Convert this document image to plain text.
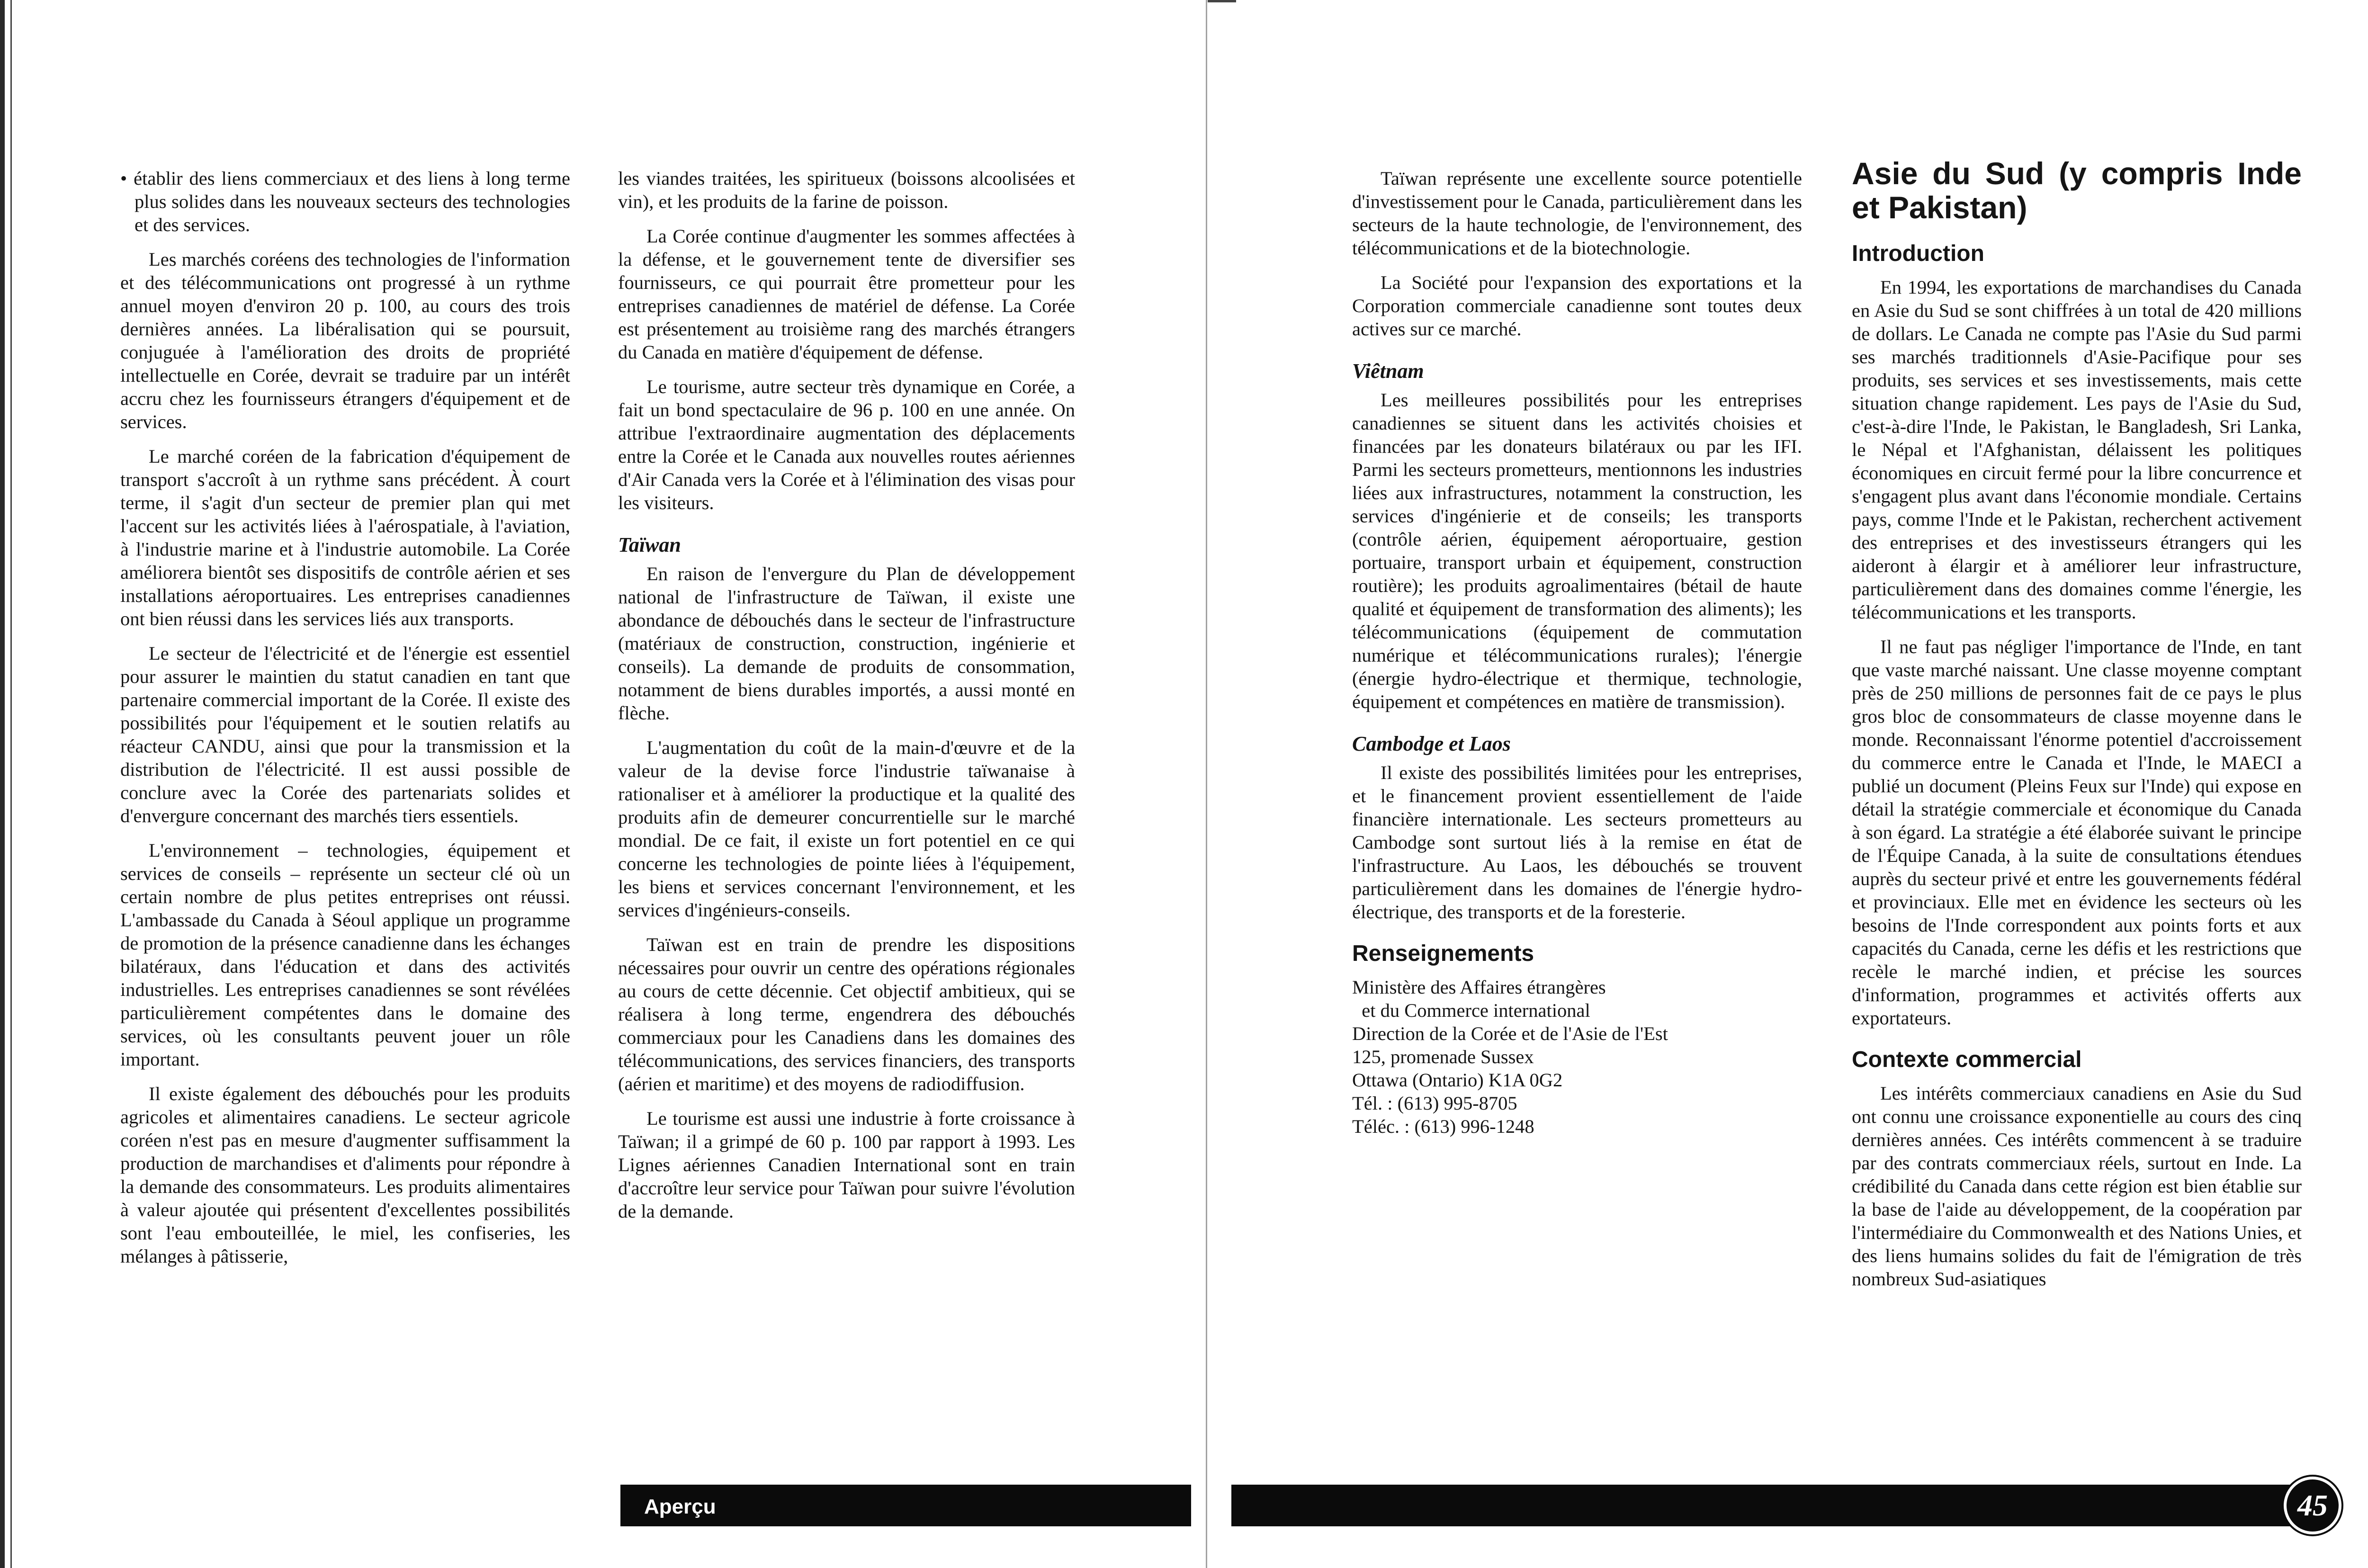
• établir des liens commerciaux et des liens à long terme plus solides dans les nouveaux secteurs des technologies et des services.

Les marchés coréens des technologies de l'information et des télécommunications ont progressé à un rythme annuel moyen d'environ 20 p. 100, au cours des trois dernières années. La libéralisation qui se poursuit, conjuguée à l'amélioration des droits de propriété intellectuelle en Corée, devrait se traduire par un intérêt accru chez les fournisseurs étrangers d'équipement et de services.

Le marché coréen de la fabrication d'équipement de transport s'accroît à un rythme sans précédent. À court terme, il s'agit d'un secteur de premier plan qui met l'accent sur les activités liées à l'aérospatiale, à l'aviation, à l'industrie marine et à l'industrie automobile. La Corée améliorera bientôt ses dispositifs de contrôle aérien et ses installations aéroportuaires. Les entreprises canadiennes ont bien réussi dans les services liés aux transports.

Le secteur de l'électricité et de l'énergie est essentiel pour assurer le maintien du statut canadien en tant que partenaire commercial important de la Corée. Il existe des possibilités pour l'équipement et le soutien relatifs au réacteur CANDU, ainsi que pour la transmission et la distribution de l'électricité. Il est aussi possible de conclure avec la Corée des partenariats solides et d'envergure concernant des marchés tiers essentiels.

L'environnement – technologies, équipement et services de conseils – représente un secteur clé où un certain nombre de plus petites entreprises ont réussi. L'ambassade du Canada à Séoul applique un programme de promotion de la présence canadienne dans les échanges bilatéraux, dans l'éducation et dans des activités industrielles. Les entreprises canadiennes se sont révélées particulièrement compétentes dans le domaine des services, où les consultants peuvent jouer un rôle important.

Il existe également des débouchés pour les produits agricoles et alimentaires canadiens. Le secteur agricole coréen n'est pas en mesure d'augmenter suffisamment la production de marchandises et d'aliments pour répondre à la demande des consommateurs. Les produits alimentaires à valeur ajoutée qui présentent d'excellentes possibilités sont l'eau embouteillée, le miel, les confiseries, les mélanges à pâtisserie,

les viandes traitées, les spiritueux (boissons alcoolisées et vin), et les produits de la farine de poisson.

La Corée continue d'augmenter les sommes affectées à la défense, et le gouvernement tente de diversifier ses fournisseurs, ce qui pourrait être prometteur pour les entreprises canadiennes de matériel de défense. La Corée est présentement au troisième rang des marchés étrangers du Canada en matière d'équipement de défense.

Le tourisme, autre secteur très dynamique en Corée, a fait un bond spectaculaire de 96 p. 100 en une année. On attribue l'extraordinaire augmentation des déplacements entre la Corée et le Canada aux nouvelles routes aériennes d'Air Canada vers la Corée et à l'élimination des visas pour les visiteurs.

Taïwan

En raison de l'envergure du Plan de développement national de l'infrastructure de Taïwan, il existe une abondance de débouchés dans le secteur de l'infrastructure (matériaux de construction, construction, ingénierie et conseils). La demande de produits de consommation, notamment de biens durables importés, a aussi monté en flèche.

L'augmentation du coût de la main-d'œuvre et de la valeur de la devise force l'industrie taïwanaise à rationaliser et à améliorer la productique et la qualité des produits afin de demeurer concurrentielle sur le marché mondial. De ce fait, il existe un fort potentiel en ce qui concerne les technologies de pointe liées à l'équipement, les biens et services concernant l'environnement, et les services d'ingénieurs-conseils.

Taïwan est en train de prendre les dispositions nécessaires pour ouvrir un centre des opérations régionales au cours de cette décennie. Cet objectif ambitieux, qui se réalisera à long terme, engendrera des débouchés commerciaux pour les Canadiens dans les domaines des télécommunications, des services financiers, des transports (aérien et maritime) et des moyens de radiodiffusion.

Le tourisme est aussi une industrie à forte croissance à Taïwan; il a grimpé de 60 p. 100 par rapport à 1993. Les Lignes aériennes Canadien International sont en train d'accroître leur service pour Taïwan pour suivre l'évolution de la demande.

Aperçu

Taïwan représente une excellente source potentielle d'investissement pour le Canada, particulièrement dans les secteurs de la haute technologie, de l'environnement, des télécommunications et de la biotechnologie.

La Société pour l'expansion des exportations et la Corporation commerciale canadienne sont toutes deux actives sur ce marché.

Viêtnam

Les meilleures possibilités pour les entreprises canadiennes se situent dans les activités choisies et financées par les donateurs bilatéraux ou par les IFI. Parmi les secteurs prometteurs, mentionnons les industries liées aux infrastructures, notamment la construction, les services d'ingénierie et de conseils; les transports (contrôle aérien, équipement aéroportuaire, gestion portuaire, transport urbain et équipement, construction routière); les produits agroalimentaires (bétail de haute qualité et équipement de transformation des aliments); les télécommunications (équipement de commutation numérique et télécommunications rurales); l'énergie (énergie hydro-électrique et thermique, technologie, équipement et compétences en matière de transmission).

Cambodge et Laos

Il existe des possibilités limitées pour les entreprises, et le financement provient essentiellement de l'aide financière internationale. Les secteurs prometteurs au Cambodge sont surtout liés à la remise en état de l'infrastructure. Au Laos, les débouchés se trouvent particulièrement dans les domaines de l'énergie hydro-électrique, des transports et de la foresterie.

Renseignements
Ministère des Affaires étrangères
et du Commerce international
Direction de la Corée et de l'Asie de l'Est
125, promenade Sussex
Ottawa (Ontario) K1A 0G2
Tél. : (613) 995-8705
Téléc. : (613) 996-1248
Asie du Sud (y compris Inde et Pakistan)
Introduction

En 1994, les exportations de marchandises du Canada en Asie du Sud se sont chiffrées à un total de 420 millions de dollars. Le Canada ne compte pas l'Asie du Sud parmi ses marchés traditionnels d'Asie-Pacifique pour ses produits, ses services et ses investissements, mais cette situation change rapidement. Les pays de l'Asie du Sud, c'est-à-dire l'Inde, le Pakistan, le Bangladesh, Sri Lanka, le Népal et l'Afghanistan, délaissent les politiques économiques en circuit fermé pour la libre concurrence et s'engagent plus avant dans l'économie mondiale. Certains pays, comme l'Inde et le Pakistan, recherchent activement des entreprises et des investisseurs étrangers qui les aideront à élargir et à améliorer leur infrastructure, particulièrement dans des domaines comme l'énergie, les télécommunications et les transports.

Il ne faut pas négliger l'importance de l'Inde, en tant que vaste marché naissant. Une classe moyenne comptant près de 250 millions de personnes fait de ce pays le plus gros bloc de consommateurs de classe moyenne dans le monde. Reconnaissant l'énorme potentiel d'accroissement du commerce entre le Canada et l'Inde, le MAECI a publié un document (Pleins Feux sur l'Inde) qui expose en détail la stratégie commerciale et économique du Canada à son égard. La stratégie a été élaborée suivant le principe de l'Équipe Canada, à la suite de consultations étendues auprès du secteur privé et entre les gouvernements fédéral et provinciaux. Elle met en évidence les secteurs où les besoins de l'Inde correspondent aux points forts et aux capacités du Canada, cerne les défis et les restrictions que recèle le marché indien, et précise les sources d'information, programmes et activités offerts aux exportateurs.

Contexte commercial

Les intérêts commerciaux canadiens en Asie du Sud ont connu une croissance exponentielle au cours des cinq dernières années. Ces intérêts commencent à se traduire par des contrats commerciaux réels, surtout en Inde. La crédibilité du Canada dans cette région est bien établie sur la base de l'aide au développement, de la coopération par l'intermédiaire du Commonwealth et des Nations Unies, et des liens humains solides du fait de l'émigration de très nombreux Sud-asiatiques

45
